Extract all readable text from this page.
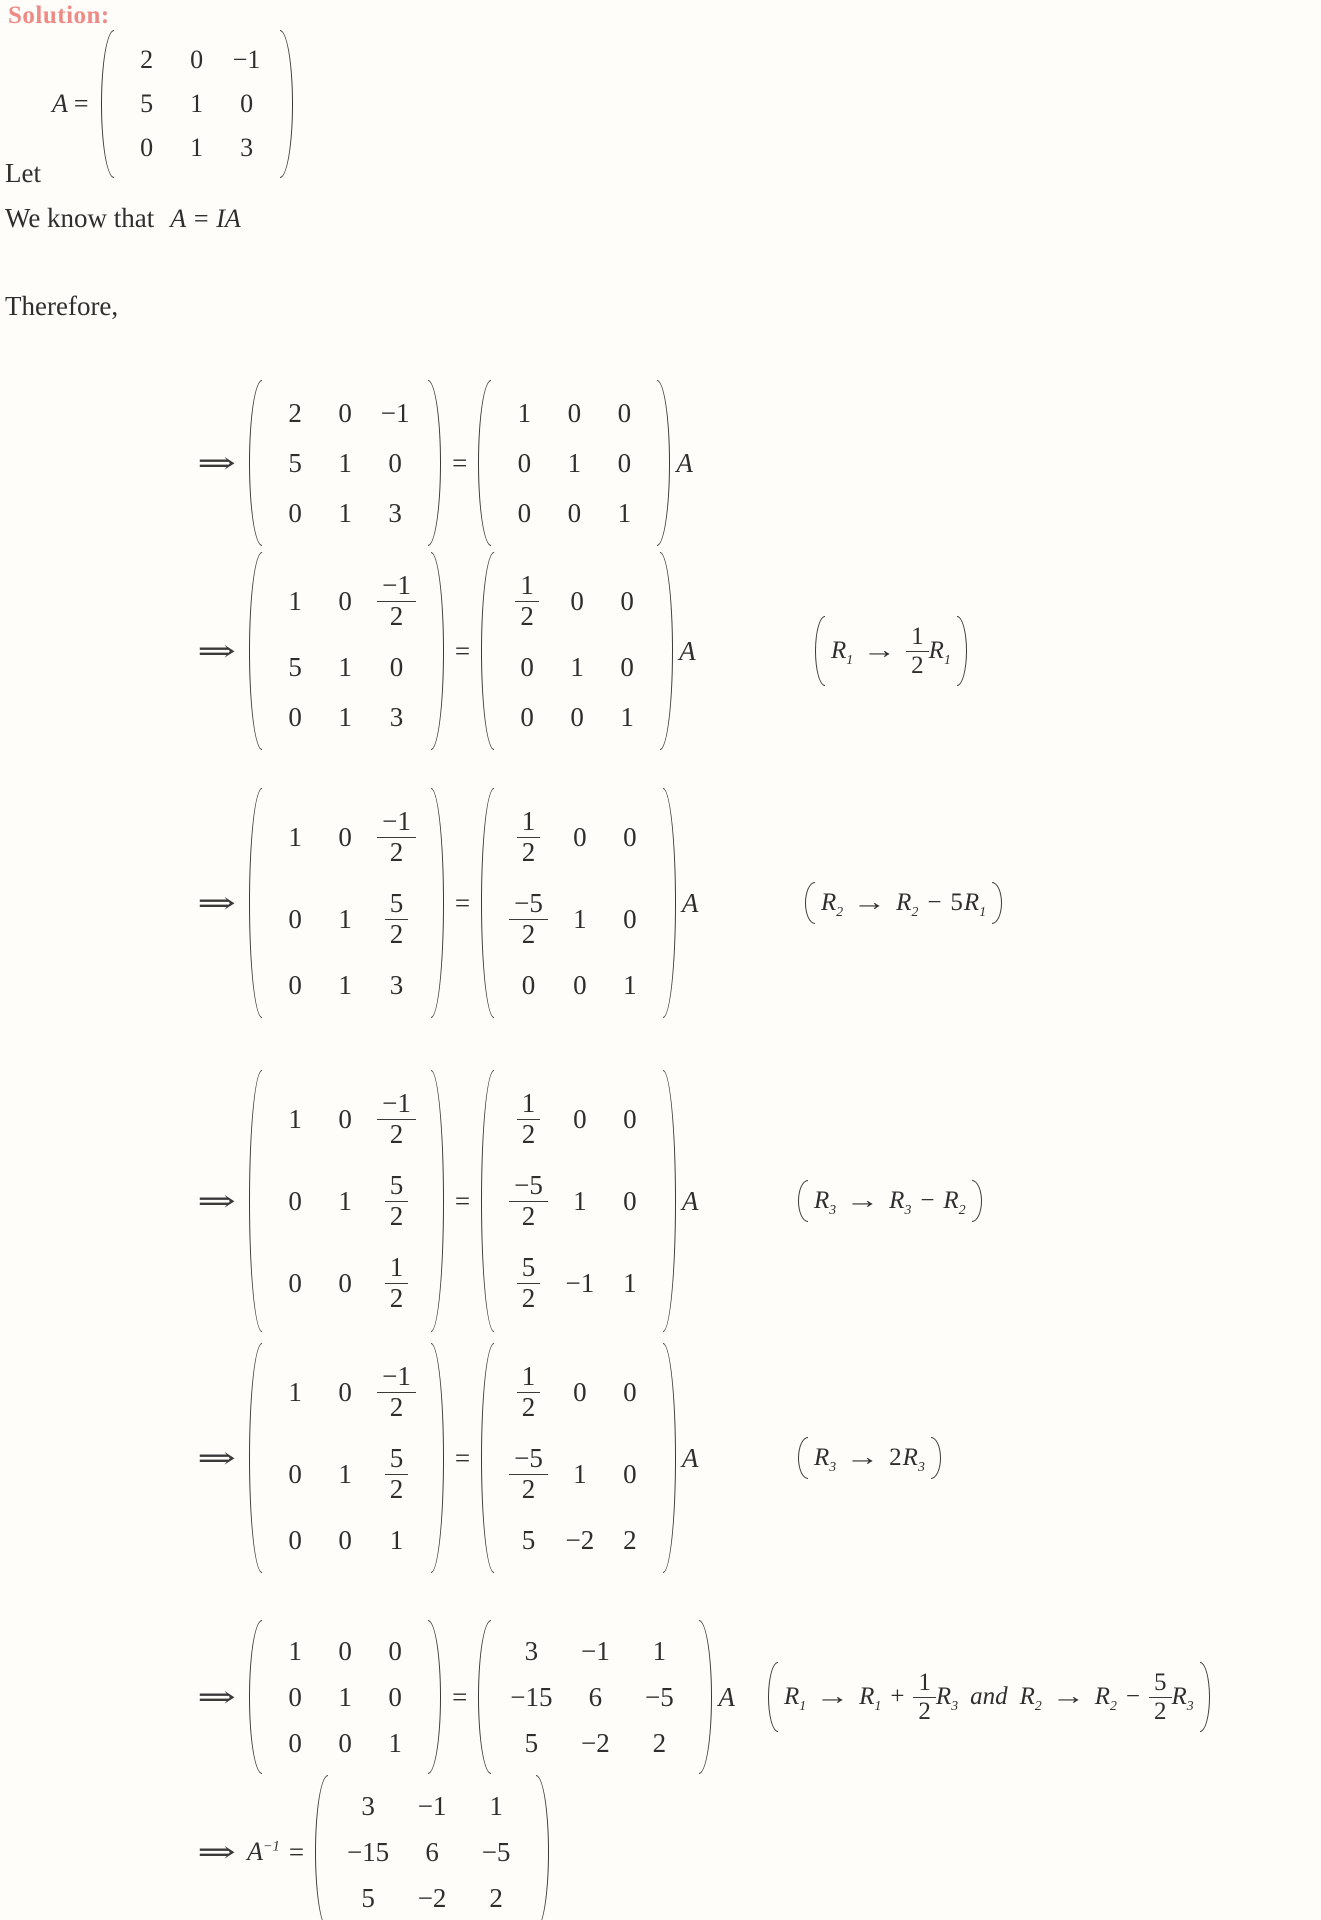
Solution:
A =
2	0	−1
5	1	0
0	1	3
Let
We know that A = IA
Therefore,
⇒
2 0 −1
5 1 0
0 1 3
=
1 0 0
0 1 0
0 0 1
A
⇒
1 $0 \frac{-1}{2}$
5 1 0
0 1 3
=
$\frac{1}{2} 0$ 0
0 1 0
0 0 1
A	$R_1 \to \frac{1}{2} R_1$
⇒
1 $0 \frac{-1}{2}$
0 $1 \frac{5}{2}$
0 1 3
=
$\frac{1}{2} 0$ 0
$\frac{-5}{2} 1$ 0
0 0 1
A	$R_2 \to R_2 - 5$ $R_1$
⇒
1 $0 \frac{-1}{2}$
0 $1 \frac{5}{2}$
0 $0 \frac{1}{2}$
=
$\frac{1}{2} 0$ 0
$\frac{-5}{2} 1$ 0
$\frac{5}{2} -1$ 1
A	$R_3 \to R_3 - R_2$
⇒
1 $0 \frac{-1}{2}$
0 $1 \frac{5}{2}$
0 0 1
=
$\frac{1}{2} 0$ 0
$\frac{-5}{2} 1$ 0
5 −2 2
A	$R_3 \to 2$ $R_3$
⇒
1 0 0
0 1 0
0 0 1
=
3	−1	1
−15	6	−5
5	−2	2
A $R_1 \to R_1 + \frac{1}{2} R_3$ and $R_2 \to R_2 - \frac{5}{2} R_3$
⇒ $A^{-1}$ =
3	−1	1
−15	6	−5
5	−2	2
